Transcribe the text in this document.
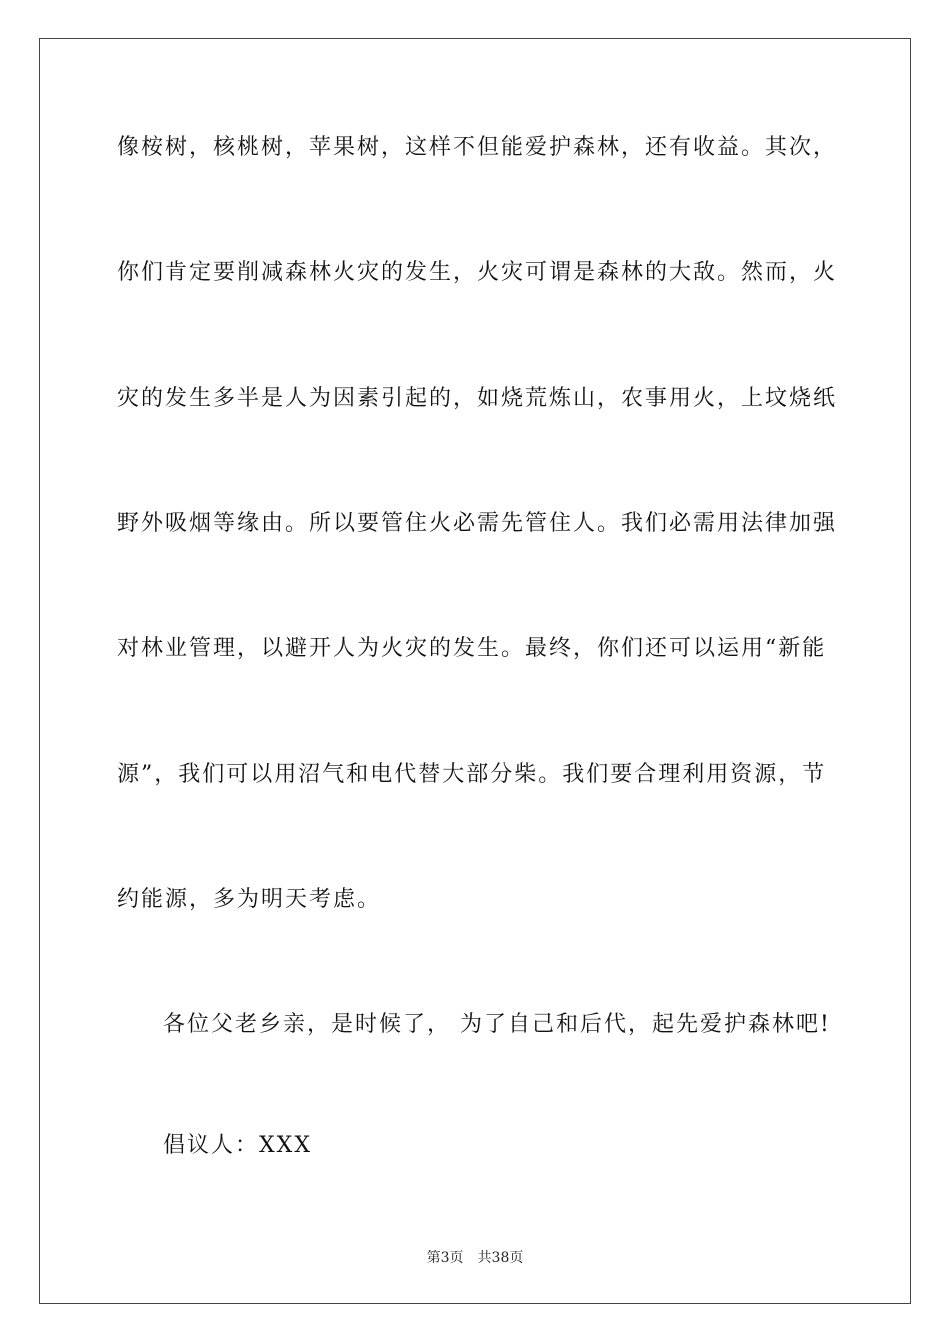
像桉树，核桃树，苹果树，这样不但能爱护森林，还有收益。其次，
你们肯定要削减森林火灾的发生，火灾可谓是森林的大敌。然而，火
灾的发生多半是人为因素引起的，如烧荒炼山，农事用火，上坟烧纸
野外吸烟等缘由。所以要管住火必需先管住人。我们必需用法律加强
对林业管理，以避开人为火灾的发生。最终，你们还可以运用“新能
源”，我们可以用沼气和电代替大部分柴。我们要合理利用资源，节
约能源，多为明天考虑。
各位父老乡亲，是时候了， 为了自己和后代，起先爱护森林吧!
倡议人：XXX
第3页 共38页
